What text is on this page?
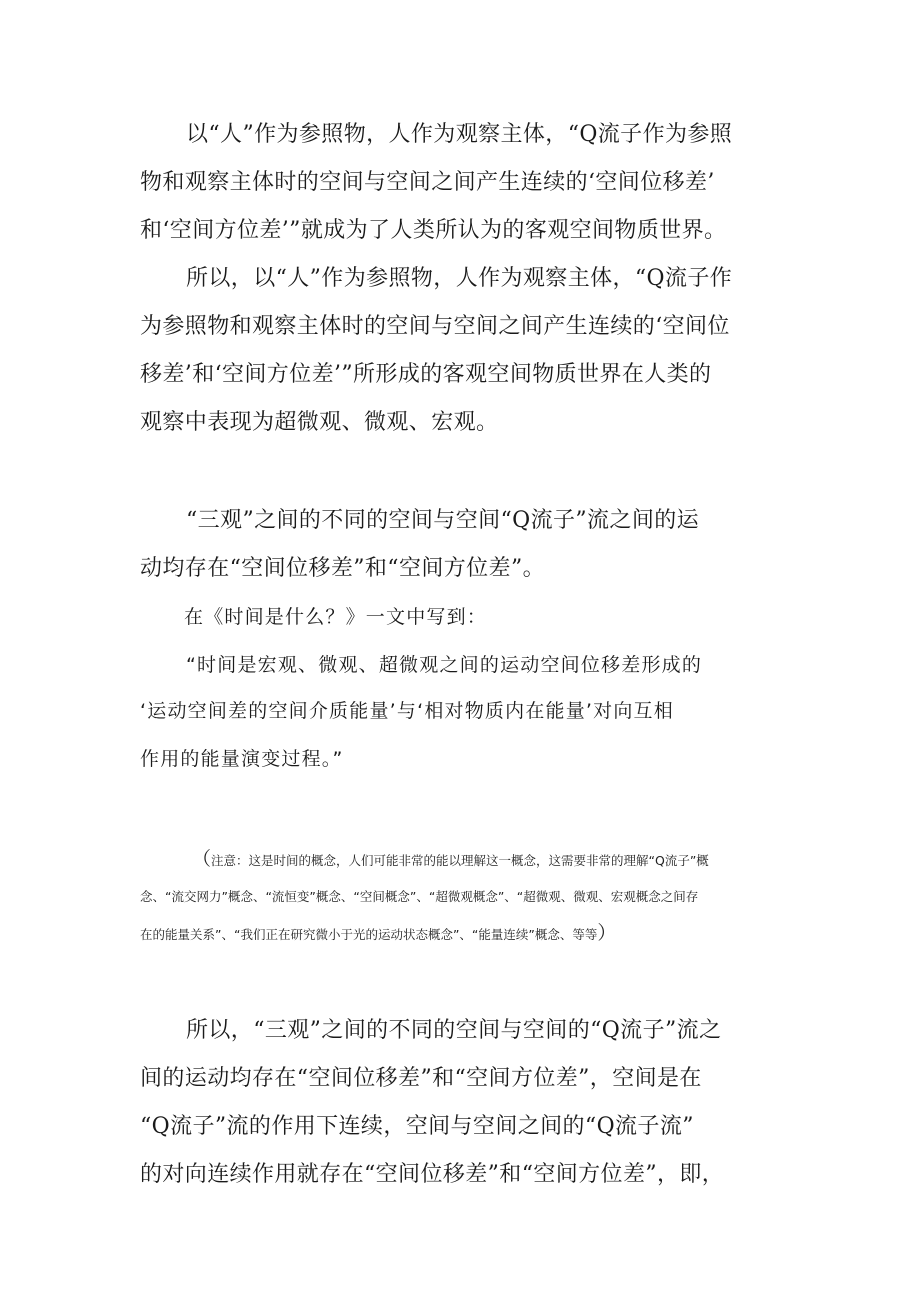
以“人”作为参照物，人作为观察主体，“Q流子作为参照

物和观察主体时的空间与空间之间产生连续的‘空间位移差’

和‘空间方位差’”就成为了人类所认为的客观空间物质世界。

所以，以“人”作为参照物，人作为观察主体，“Q流子作

为参照物和观察主体时的空间与空间之间产生连续的‘空间位

移差’和‘空间方位差’”所形成的客观空间物质世界在人类的

观察中表现为超微观、微观、宏观。

“三观”之间的不同的空间与空间“Q流子”流之间的运

动均存在“空间位移差”和“空间方位差”。

在《时间是什么？》一文中写到：

“时间是宏观、微观、超微观之间的运动空间位移差形成的

‘运动空间差的空间介质能量’与‘相对物质内在能量’对向互相

作用的能量演变过程。”

（注意：这是时间的概念，人们可能非常的能以理解这一概念，这需要非常的理解“Q流子”概

念、“流交网力”概念、“流恒变”概念、“空间概念”、“超微观概念”、“超微观、微观、宏观概念之间存

在的能量关系”、“我们正在研究微小于光的运动状态概念”、“能量连续”概念、等等）

所以，“三观”之间的不同的空间与空间的“Q流子”流之

间的运动均存在“空间位移差”和“空间方位差”，空间是在

“Q流子”流的作用下连续，空间与空间之间的“Q流子流”

的对向连续作用就存在“空间位移差”和“空间方位差”，即，
